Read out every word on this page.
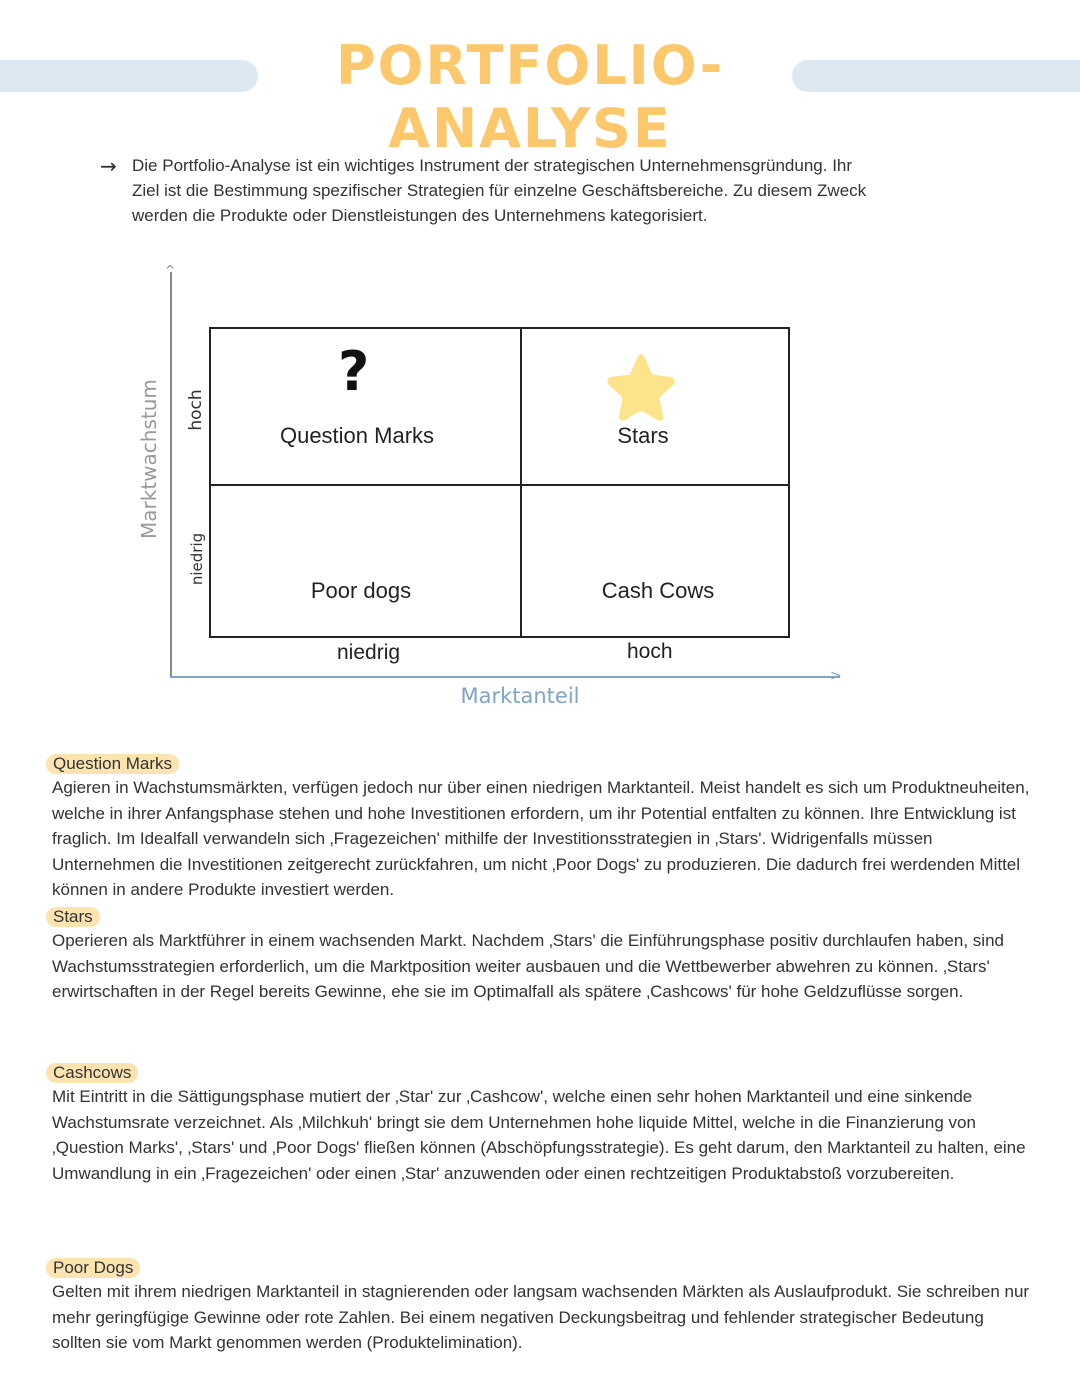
PORTFOLIO-ANALYSE
→ Die Portfolio-Analyse ist ein wichtiges Instrument der strategischen Unternehmensgründung. Ihr Ziel ist die Bestimmung spezifischer Strategien für einzelne Geschäftsbereiche. Zu diesem Zweck werden die Produkte oder Dienstleistungen des Unternehmens kategorisiert.
^
>
Marktwachstum hoch
niedrig
?
Question Marks	Stars
Poor dogs	Cash Cows
niedrig	hoch
Marktanteil
Question Marks
Agieren in Wachstumsmärkten, verfügen jedoch nur über einen niedrigen Marktanteil. Meist handelt es sich um Produktneuheiten, welche in ihrer Anfangsphase stehen und hohe Investitionen erfordern, um ihr Potential entfalten zu können. Ihre Entwicklung ist fraglich. Im Idealfall verwandeln sich ‚Fragezeichen' mithilfe der Investitionsstrategien in ‚Stars'. Widrigenfalls müssen Unternehmen die Investitionen zeitgerecht zurückfahren, um nicht ‚Poor Dogs' zu produzieren. Die dadurch frei werdenden Mittel können in andere Produkte investiert werden.
Stars
Operieren als Marktführer in einem wachsenden Markt. Nachdem ‚Stars' die Einführungsphase positiv durchlaufen haben, sind Wachstumsstrategien erforderlich, um die Marktposition weiter ausbauen und die Wettbewerber abwehren zu können. ‚Stars' erwirtschaften in der Regel bereits Gewinne, ehe sie im Optimalfall als spätere ‚Cashcows' für hohe Geldzuflüsse sorgen.
Cashcows
Mit Eintritt in die Sättigungsphase mutiert der ‚Star' zur ‚Cashcow', welche einen sehr hohen Marktanteil und eine sinkende Wachstumsrate verzeichnet. Als ‚Milchkuh' bringt sie dem Unternehmen hohe liquide Mittel, welche in die Finanzierung von ‚Question Marks', ‚Stars' und ‚Poor Dogs' fließen können (Abschöpfungsstrategie). Es geht darum, den Marktanteil zu halten, eine Umwandlung in ein ‚Fragezeichen' oder einen ‚Star' anzuwenden oder einen rechtzeitigen Produktabstoß vorzubereiten.
Poor Dogs
Gelten mit ihrem niedrigen Marktanteil in stagnierenden oder langsam wachsenden Märkten als Auslaufprodukt. Sie schreiben nur mehr geringfügige Gewinne oder rote Zahlen. Bei einem negativen Deckungsbeitrag und fehlender strategischer Bedeutung sollten sie vom Markt genommen werden (Produktelimination).
